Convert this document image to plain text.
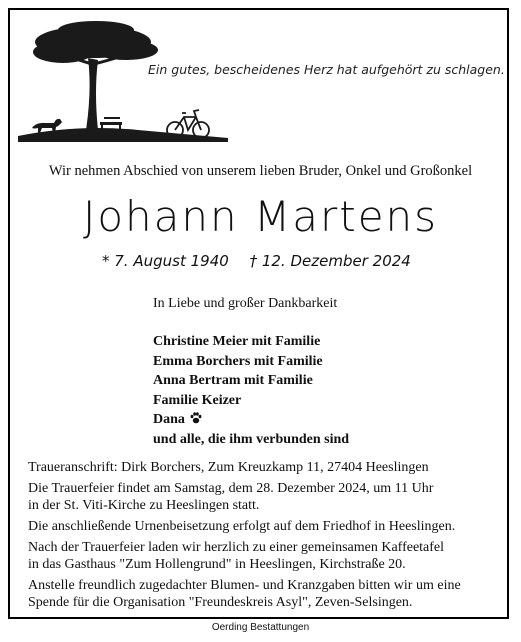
Ein gutes, bescheidenes Herz hat aufgehört zu schlagen.
Wir nehmen Abschied von unserem lieben Bruder, Onkel und Großonkel
Johann Martens
* 7. August 1940 † 12. Dezember 2024
In Liebe und großer Dankbarkeit
Christine Meier mit Familie
Emma Borchers mit Familie
Anna Bertram mit Familie
Familie Keizer
Dana
und alle, die ihm verbunden sind

Traueranschrift: Dirk Borchers, Zum Kreuzkamp 11, 27404 Heeslingen

Die Trauerfeier findet am Samstag, dem 28. Dezember 2024, um 11 Uhr
in der St. Viti-Kirche zu Heeslingen statt.

Die anschließende Urnenbeisetzung erfolgt auf dem Friedhof in Heeslingen.

Nach der Trauerfeier laden wir herzlich zu einer gemeinsamen Kaffeetafel
in das Gasthaus "Zum Hollengrund" in Heeslingen, Kirchstraße 20.

Anstelle freundlich zugedachter Blumen- und Kranzgaben bitten wir um eine
Spende für die Organisation "Freundeskreis Asyl", Zeven-Selsingen.

Oerding Bestattungen
